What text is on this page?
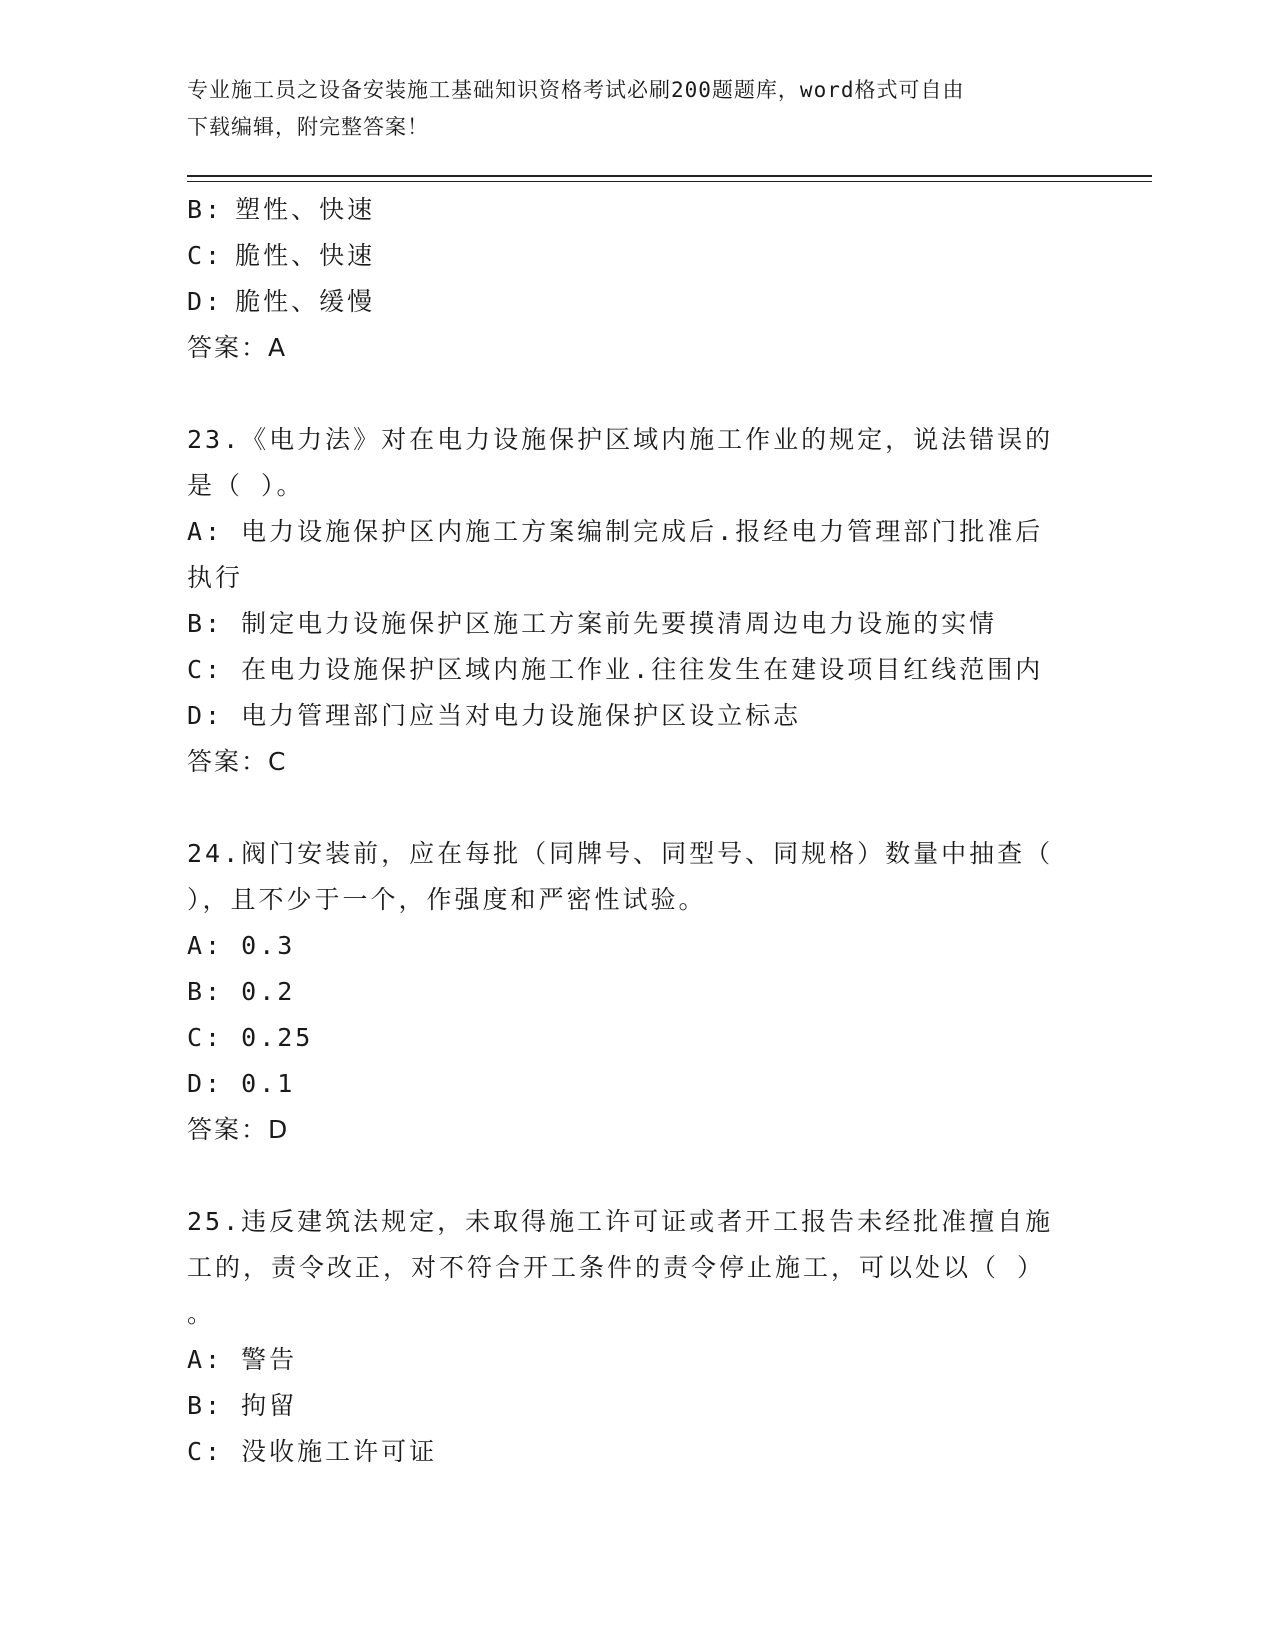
专业施工员之设备安装施工基础知识资格考试必刷200题题库，word格式可自由
下载编辑，附完整答案！
B: 塑性、快速
C: 脆性、快速
D: 脆性、缓慢
答案：A
23.《电力法》对在电力设施保护区域内施工作业的规定，说法错误的
是（ ）。
A: 电力设施保护区内施工方案编制完成后.报经电力管理部门批准后
执行
B: 制定电力设施保护区施工方案前先要摸清周边电力设施的实情
C: 在电力设施保护区域内施工作业.往往发生在建设项目红线范围内
D: 电力管理部门应当对电力设施保护区设立标志
答案：C
24.阀门安装前，应在每批（同牌号、同型号、同规格）数量中抽查（
），且不少于一个，作强度和严密性试验。
A: 0.3
B: 0.2
C: 0.25
D: 0.1
答案：D
25.违反建筑法规定，未取得施工许可证或者开工报告未经批准擅自施
工的，责令改正，对不符合开工条件的责令停止施工，可以处以（ ）
。
A: 警告
B: 拘留
C: 没收施工许可证
